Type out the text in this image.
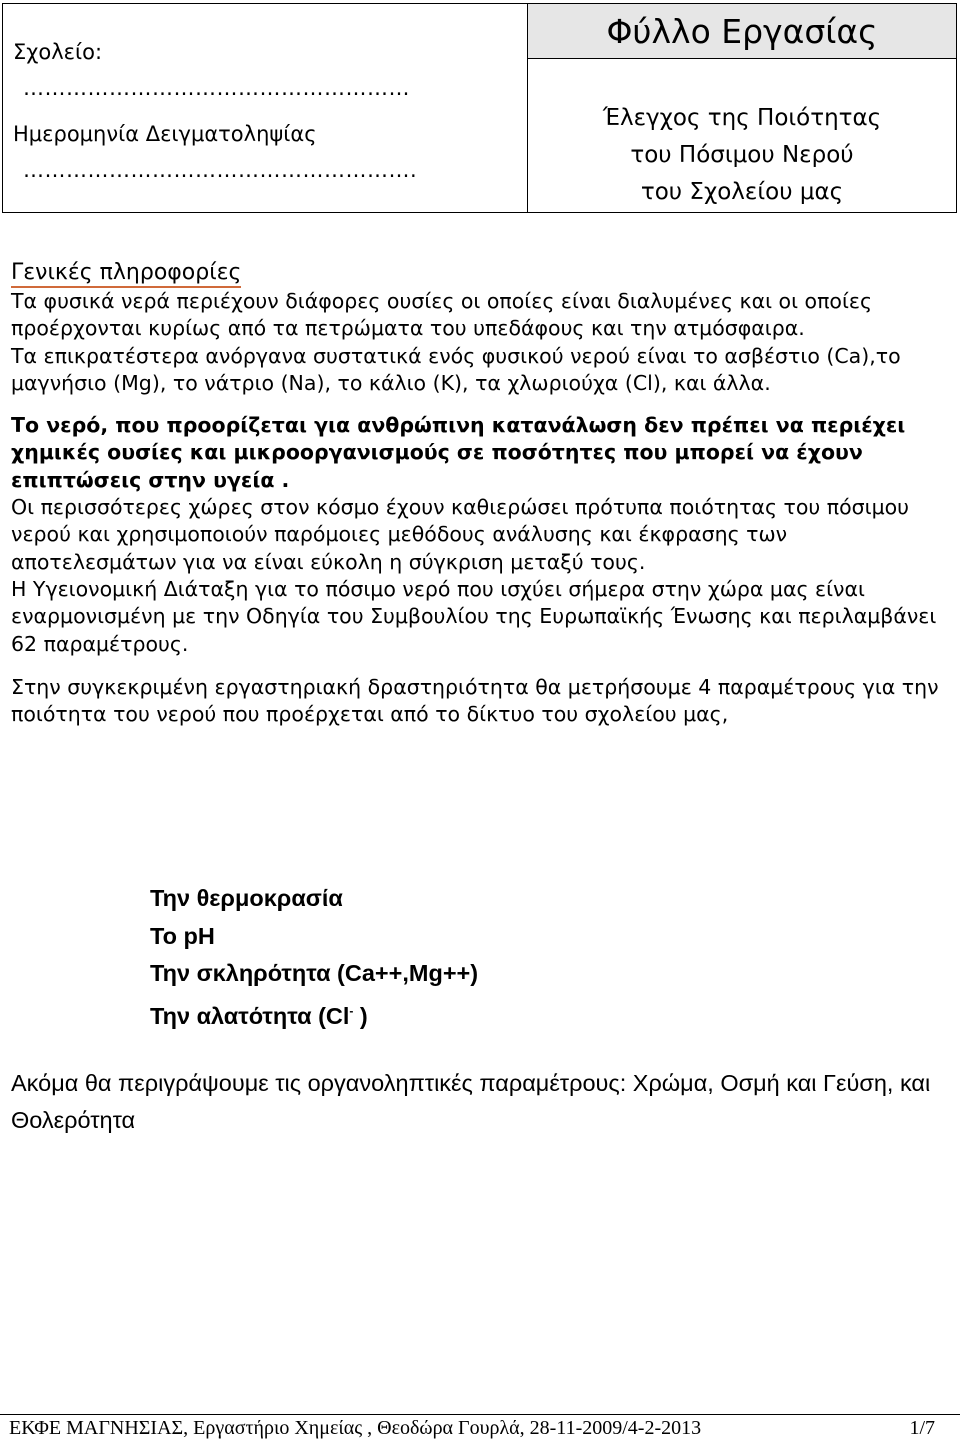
Σχολείο:
………………………………………………
Ημερομηνία Δειγματοληψίας
……………………………………………….
Φύλλο Εργασίας
Έλεγχος της Ποιότητας
του Πόσιμου Νερού
του Σχολείου μας
Γενικές πληροφορίες

Τα φυσικά νερά περιέχουν διάφορες ουσίες οι οποίες είναι διαλυμένες και οι οποίες προέρχονται κυρίως από τα πετρώματα του υπεδάφους και την ατμόσφαιρα.

Τα επικρατέστερα ανόργανα συστατικά ενός φυσικού νερού είναι το ασβέστιο (Ca),το μαγνήσιο (Mg), το νάτριο (Na), το κάλιο (K), τα χλωριούχα (Cl), και άλλα.

Το νερό, που προορίζεται για ανθρώπινη κατανάλωση δεν πρέπει να περιέχει χημικές ουσίες και μικροοργανισμούς σε ποσότητες που μπορεί να έχουν επιπτώσεις στην υγεία .

Οι περισσότερες χώρες στον κόσμο έχουν καθιερώσει πρότυπα ποιότητας του πόσιμου νερού και χρησιμοποιούν παρόμοιες μεθόδους ανάλυσης και έκφρασης των αποτελεσμάτων για να είναι εύκολη η σύγκριση μεταξύ τους.

Η Υγειονομική Διάταξη για το πόσιμο νερό που ισχύει σήμερα στην χώρα μας είναι εναρμονισμένη με την Οδηγία του Συμβουλίου της Ευρωπαϊκής Ένωσης και περιλαμβάνει 62 παραμέτρους.

Στην συγκεκριμένη εργαστηριακή δραστηριότητα θα μετρήσουμε 4 παραμέτρους για την ποιότητα του νερού που προέρχεται από το δίκτυο του σχολείου μας,

Την θερμοκρασία
Το pH
Την σκληρότητα (Ca++,Mg++)
Την αλατότητα (Cl- )
Ακόμα θα περιγράψουμε τις οργανοληπτικές παραμέτρους: Χρώμα, Οσμή και Γεύση, και Θολερότητα
ΕΚΦΕ ΜΑΓΝΗΣΙΑΣ, Εργαστήριο Χημείας , Θεοδώρα Γουρλά, 28-11-2009/4-2-2013	1/7
